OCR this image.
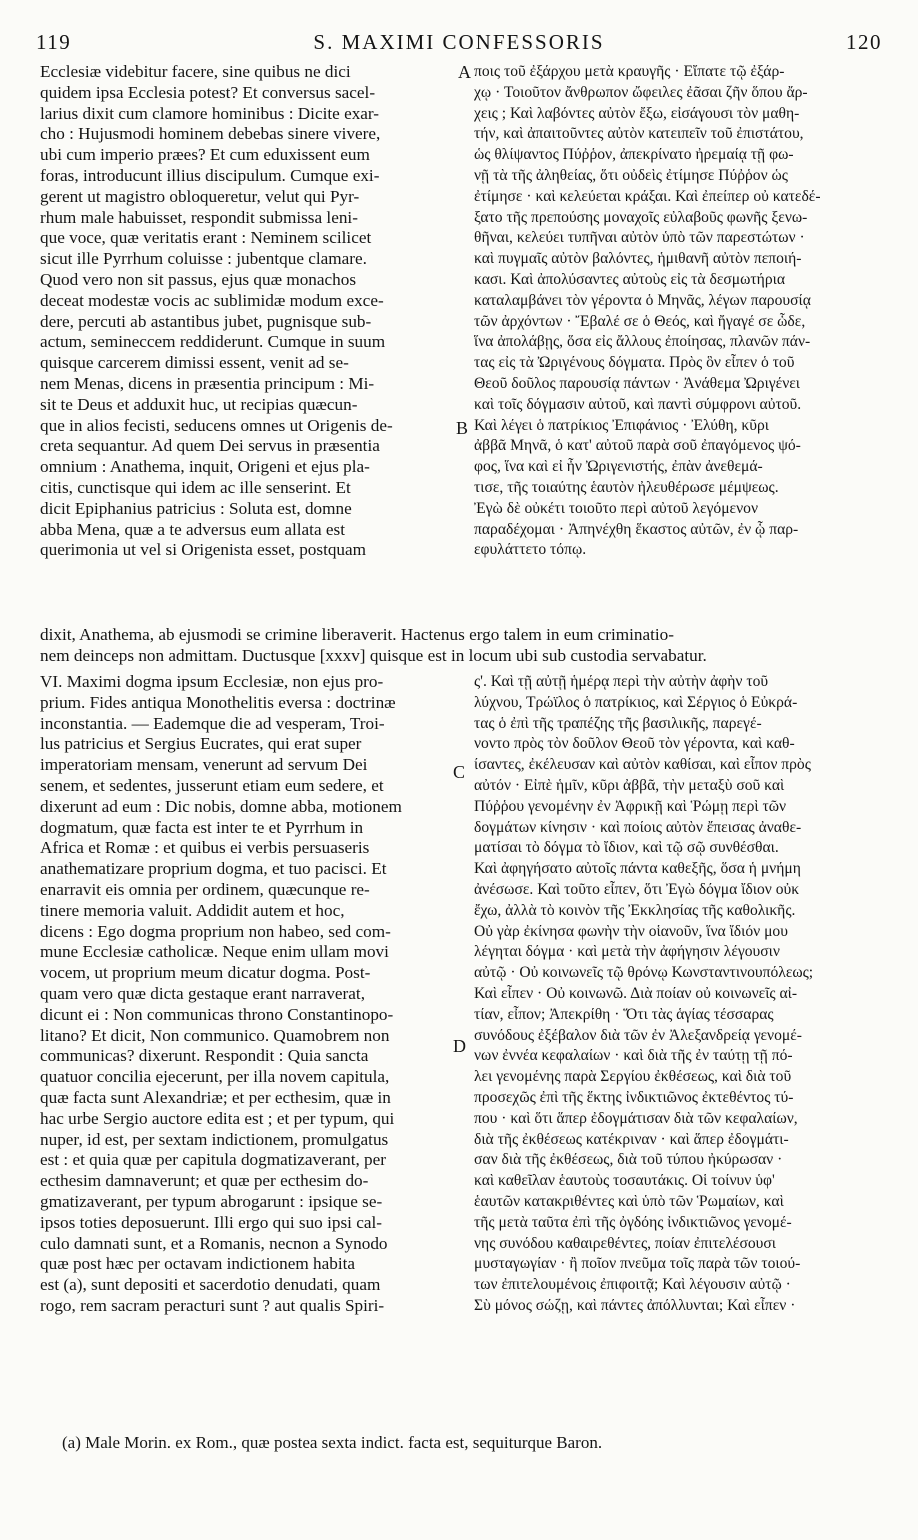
119	S. MAXIMI CONFESSORIS	120
Ecclesiæ videbitur facere, sine quibus ne dici
quidem ipsa Ecclesia potest? Et conversus sacel-
larius dixit cum clamore hominibus : Dicite exar-
cho : Hujusmodi hominem debebas sinere vivere,
ubi cum imperio præes? Et cum eduxissent eum
foras, introducunt illius discipulum. Cumque exi-
gerent ut magistro obloqueretur, velut qui Pyr-
rhum male habuisset, respondit submissa leni-
que voce, quæ veritatis erant : Neminem scilicet
sicut ille Pyrrhum coluisse : jubentque clamare.
Quod vero non sit passus, ejus quæ monachos
deceat modestæ vocis ac sublimidæ modum exce-
dere, percuti ab astantibus jubet, pugnisque sub-
actum, semineccem reddiderunt. Cumque in suum
quisque carcerem dimissi essent, venit ad se-
nem Menas, dicens in præsentia principum : Mi-
sit te Deus et adduxit huc, ut recipias quæcun-
que in alios fecisti, seducens omnes ut Origenis de-
creta sequantur. Ad quem Dei servus in præsentia
omnium : Anathema, inquit, Origeni et ejus pla-
citis, cunctisque qui idem ac ille senserint. Et
dicit Epiphanius patricius : Soluta est, domne
abba Mena, quæ a te adversus eum allata est
querimonia ut vel si Origenista esset, postquam
ποις τοῦ ἐξάρχου μετὰ κραυγῆς · Εἴπατε τῷ ἐξάρ-
χῳ · Τοιοῦτον ἄνθρωπον ὤφειλες ἐᾶσαι ζῆν ὅπου ἄρ-
χεις ; Καὶ λαβόντες αὐτὸν ἔξω, εἰσάγουσι τὸν μαθη-
τήν, καὶ ἀπαιτοῦντες αὐτὸν κατειπεῖν τοῦ ἐπιστάτου,
ὡς θλίψαντος Πύῤῥον, ἀπεκρίνατο ἠρεμαίᾳ τῇ φω-
νῇ τὰ τῆς ἀληθείας, ὅτι οὐδεὶς ἐτίμησε Πύῤῥον ὡς
ἐτίμησε · καὶ κελεύεται κράξαι. Καὶ ἐπείπερ οὐ κατεδέ-
ξατο τῆς πρεπούσης μοναχοῖς εὐλαβοῦς φωνῆς ξενω-
θῆναι, κελεύει τυπῆναι αὐτὸν ὑπὸ τῶν παρεστώτων ·
καὶ πυγμαῖς αὐτὸν βαλόντες, ἡμιθανῆ αὐτὸν πεποιή-
κασι. Καὶ ἀπολύσαντες αὐτοὺς εἰς τὰ δεσμωτήρια
καταλαμβάνει τὸν γέροντα ὁ Μηνᾶς, λέγων παρουσίᾳ
τῶν ἀρχόντων · Ἔβαλέ σε ὁ Θεός, καὶ ἤγαγέ σε ὧδε,
ἵνα ἀπολάβῃς, ὅσα εἰς ἄλλους ἐποίησας, πλανῶν πάν-
τας εἰς τὰ Ὠριγένους δόγματα. Πρὸς ὃν εἶπεν ὁ τοῦ
Θεοῦ δοῦλος παρουσίᾳ πάντων · Ἀνάθεμα Ὠριγένει
καὶ τοῖς δόγμασιν αὐτοῦ, καὶ παντὶ σύμφρονι αὐτοῦ.
Καὶ λέγει ὁ πατρίκιος Ἐπιφάνιος · Ἐλύθη, κῦρι
ἀββᾶ Μηνᾶ, ὁ κατ' αὐτοῦ παρὰ σοῦ ἐπαγόμενος ψό-
φος, ἵνα καὶ εἰ ἦν Ὠριγενιστής, ἐπὰν ἀνεθεμά-
τισε, τῆς τοιαύτης ἑαυτὸν ἠλευθέρωσε μέμψεως.
Ἐγὼ δὲ οὐκέτι τοιοῦτο περὶ αὐτοῦ λεγόμενον
παραδέχομαι · Ἀπηνέχθη ἕκαστος αὐτῶν, ἐν ᾧ παρ-
εφυλάττετο τόπῳ.
A
B
dixit, Anathema, ab ejusmodi se crimine liberaverit. Hactenus ergo talem in eum criminatio-
nem deinceps non admittam. Ductusque [xxxv] quisque est in locum ubi sub custodia servabatur.
VI. Maximi dogma ipsum Ecclesiæ, non ejus pro-
prium. Fides antiqua Monothelitis eversa : doctrinæ
inconstantia. — Eademque die ad vesperam, Troi-
lus patricius et Sergius Eucrates, qui erat super
imperatoriam mensam, venerunt ad servum Dei
senem, et sedentes, jusserunt etiam eum sedere, et
dixerunt ad eum : Dic nobis, domne abba, motionem
dogmatum, quæ facta est inter te et Pyrrhum in
Africa et Romæ : et quibus ei verbis persuaseris
anathematizare proprium dogma, et tuo pacisci. Et
enarravit eis omnia per ordinem, quæcunque re-
tinere memoria valuit. Addidit autem et hoc,
dicens : Ego dogma proprium non habeo, sed com-
mune Ecclesiæ catholicæ. Neque enim ullam movi
vocem, ut proprium meum dicatur dogma. Post-
quam vero quæ dicta gestaque erant narraverat,
dicunt ei : Non communicas throno Constantinopo-
litano? Et dicit, Non communico. Quamobrem non
communicas? dixerunt. Respondit : Quia sancta
quatuor concilia ejecerunt, per illa novem capitula,
quæ facta sunt Alexandriæ; et per ecthesim, quæ in
hac urbe Sergio auctore edita est ; et per typum, qui
nuper, id est, per sextam indictionem, promulgatus
est : et quia quæ per capitula dogmatizaverant, per
ecthesim damnaverunt; et quæ per ecthesim do-
gmatizaverant, per typum abrogarunt : ipsique se-
ipsos toties deposuerunt. Illi ergo qui suo ipsi cal-
culo damnati sunt, et a Romanis, necnon a Synodo
quæ post hæc per octavam indictionem habita
est (a), sunt depositi et sacerdotio denudati, quam
rogo, rem sacram peracturi sunt ? aut qualis Spiri-
ς'. Καὶ τῇ αὐτῇ ἡμέρᾳ περὶ τὴν αὐτὴν ἀφὴν τοῦ
λύχνου, Τρώϊλος ὁ πατρίκιος, καὶ Σέργιος ὁ Εὐκρά-
τας ὁ ἐπὶ τῆς τραπέζης τῆς βασιλικῆς, παρεγέ-
νοντο πρὸς τὸν δοῦλον Θεοῦ τὸν γέροντα, καὶ καθ-
ίσαντες, ἐκέλευσαν καὶ αὐτὸν καθίσαι, καὶ εἶπον πρὸς
αὐτόν · Εἰπὲ ἡμῖν, κῦρι ἀββᾶ, τὴν μεταξὺ σοῦ καὶ
Πύῤῥου γενομένην ἐν Ἀφρικῇ καὶ Ῥώμῃ περὶ τῶν
δογμάτων κίνησιν · καὶ ποίοις αὐτὸν ἔπεισας ἀναθε-
ματίσαι τὸ δόγμα τὸ ἴδιον, καὶ τῷ σῷ συνθέσθαι.
Καὶ ἀφηγήσατο αὐτοῖς πάντα καθεξῆς, ὅσα ἡ μνήμη
ἀνέσωσε. Καὶ τοῦτο εἶπεν, ὅτι Ἐγὼ δόγμα ἴδιον οὐκ
ἔχω, ἀλλὰ τὸ κοινὸν τῆς Ἐκκλησίας τῆς καθολικῆς.
Οὐ γὰρ ἐκίνησα φωνὴν τὴν οἱανοῦν, ἵνα ἴδιόν μου
λέγηται δόγμα · καὶ μετὰ τὴν ἀφήγησιν λέγουσιν
αὐτῷ · Οὐ κοινωνεῖς τῷ θρόνῳ Κωνσταντινουπόλεως;
Καὶ εἶπεν · Οὐ κοινωνῶ. Διὰ ποίαν οὐ κοινωνεῖς αἰ-
τίαν, εἶπον; Ἀπεκρίθη · Ὅτι τὰς ἁγίας τέσσαρας
συνόδους ἐξέβαλον διὰ τῶν ἐν Ἀλεξανδρείᾳ γενομέ-
νων ἐννέα κεφαλαίων · καὶ διὰ τῆς ἐν ταύτῃ τῇ πό-
λει γενομένης παρὰ Σεργίου ἐκθέσεως, καὶ διὰ τοῦ
προσεχῶς ἐπὶ τῆς ἕκτης ἰνδικτιῶνος ἐκτεθέντος τύ-
που · καὶ ὅτι ἅπερ ἐδογμάτισαν διὰ τῶν κεφαλαίων,
διὰ τῆς ἐκθέσεως κατέκριναν · καὶ ἅπερ ἐδογμάτι-
σαν διὰ τῆς ἐκθέσεως, διὰ τοῦ τύπου ἠκύρωσαν ·
καὶ καθεῖλαν ἑαυτοὺς τοσαυτάκις. Οἱ τοίνυν ὑφ'
ἑαυτῶν κατακριθέντες καὶ ὑπὸ τῶν Ῥωμαίων, καὶ
τῆς μετὰ ταῦτα ἐπὶ τῆς ὀγδόης ἰνδικτιῶνος γενομέ-
νης συνόδου καθαιρεθέντες, ποίαν ἐπιτελέσουσι
μυσταγωγίαν · ἢ ποῖον πνεῦμα τοῖς παρὰ τῶν τοιού-
των ἐπιτελουμένοις ἐπιφοιτᾷ; Καὶ λέγουσιν αὐτῷ ·
Σὺ μόνος σώζῃ, καὶ πάντες ἀπόλλυνται; Καὶ εἶπεν ·
C
D
(a) Male Morin. ex Rom., quæ postea sexta indict. facta est, sequiturque Baron.
